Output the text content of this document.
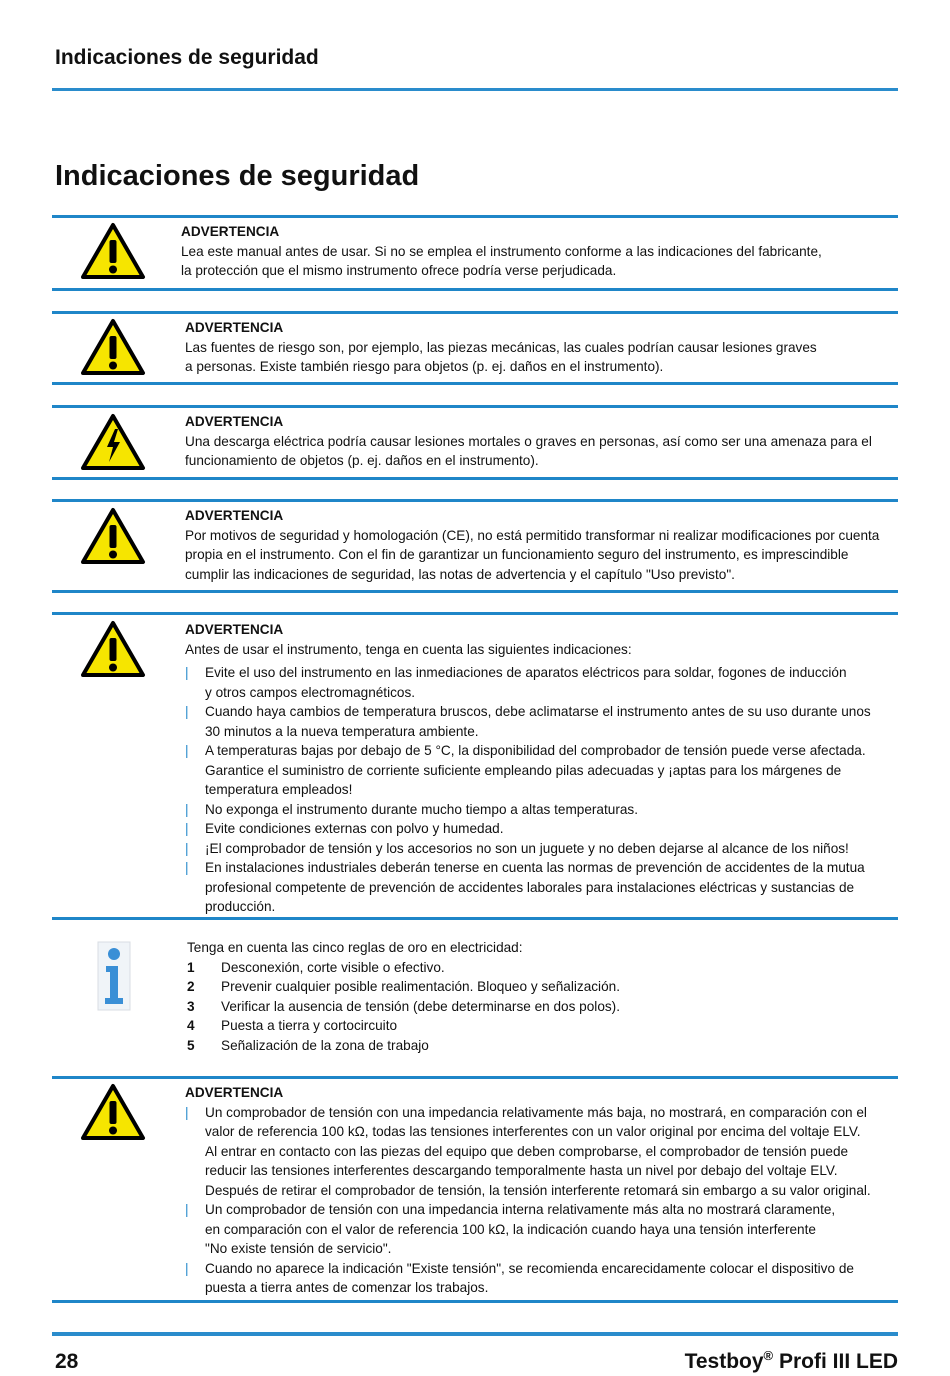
Indicaciones de seguridad
Indicaciones de seguridad
ADVERTENCIA
Lea este manual antes de usar. Si no se emplea el instrumento conforme a las indicaciones del fabricante,
la protección que el mismo instrumento ofrece podría verse perjudicada.
ADVERTENCIA
Las fuentes de riesgo son, por ejemplo, las piezas mecánicas, las cuales podrían causar lesiones graves
a personas. Existe también riesgo para objetos (p. ej. daños en el instrumento).
ADVERTENCIA
Una descarga eléctrica podría causar lesiones mortales o graves en personas, así como ser una amenaza para el
funcionamiento de objetos (p. ej. daños en el instrumento).
ADVERTENCIA
Por motivos de seguridad y homologación (CE), no está permitido transformar ni realizar modificaciones por cuenta
propia en el instrumento. Con el fin de garantizar un funcionamiento seguro del instrumento, es imprescindible
cumplir las indicaciones de seguridad, las notas de advertencia y el capítulo "Uso previsto".
ADVERTENCIA
Antes de usar el instrumento, tenga en cuenta las siguientes indicaciones:
| Evite el uso del instrumento en las inmediaciones de aparatos eléctricos para soldar, fogones de inducción
y otros campos electromagnéticos.
| Cuando haya cambios de temperatura bruscos, debe aclimatarse el instrumento antes de su uso durante unos
30 minutos a la nueva temperatura ambiente.
| A temperaturas bajas por debajo de 5 °C, la disponibilidad del comprobador de tensión puede verse afectada.
Garantice el suministro de corriente suficiente empleando pilas adecuadas y ¡aptas para los márgenes de
temperatura empleados!
| No exponga el instrumento durante mucho tiempo a altas temperaturas.
| Evite condiciones externas con polvo y humedad.
| ¡El comprobador de tensión y los accesorios no son un juguete y no deben dejarse al alcance de los niños!
| En instalaciones industriales deberán tenerse en cuenta las normas de prevención de accidentes de la mutua
profesional competente de prevención de accidentes laborales para instalaciones eléctricas y sustancias de
producción.
Tenga en cuenta las cinco reglas de oro en electricidad:
1 Desconexión, corte visible o efectivo.
2 Prevenir cualquier posible realimentación. Bloqueo y señalización.
3 Verificar la ausencia de tensión (debe determinarse en dos polos).
4 Puesta a tierra y cortocircuito
5 Señalización de la zona de trabajo
ADVERTENCIA
| Un comprobador de tensión con una impedancia relativamente más baja, no mostrará, en comparación con el
valor de referencia 100 kΩ, todas las tensiones interferentes con un valor original por encima del voltaje ELV.
Al entrar en contacto con las piezas del equipo que deben comprobarse, el comprobador de tensión puede
reducir las tensiones interferentes descargando temporalmente hasta un nivel por debajo del voltaje ELV.
Después de retirar el comprobador de tensión, la tensión interferente retomará sin embargo a su valor original.
| Un comprobador de tensión con una impedancia interna relativamente más alta no mostrará claramente,
en comparación con el valor de referencia 100 kΩ, la indicación cuando haya una tensión interferente
"No existe tensión de servicio".
| Cuando no aparece la indicación "Existe tensión", se recomienda encarecidamente colocar el dispositivo de
puesta a tierra antes de comenzar los trabajos.
28	Testboy® Profi III LED
